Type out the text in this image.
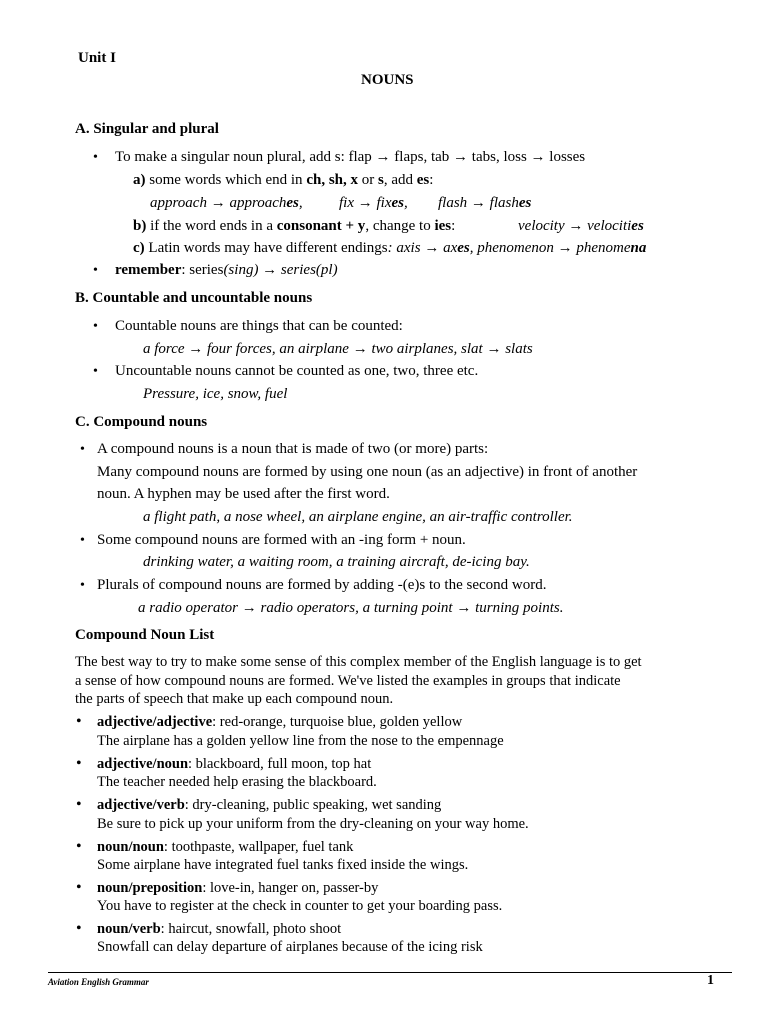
Unit I
NOUNS
A. Singular and plural
• To make a singular noun plural, add s: flap → flaps, tab → tabs, loss → losses
a) some words which end in ch, sh, x or s, add es:
approach → approaches, fix → fixes, flash → flashes
b) if the word ends in a consonant + y, change to ies:	velocity → velocities
c) Latin words may have different endings: axis → axes, phenomenon → phenomena
• remember: series(sing) → series(pl)
B. Countable and uncountable nouns
• Countable nouns are things that can be counted:
a force → four forces, an airplane → two airplanes, slat → slats
• Uncountable nouns cannot be counted as one, two, three etc.
Pressure, ice, snow, fuel
C. Compound nouns
• A compound nouns is a noun that is made of two (or more) parts:
Many compound nouns are formed by using one noun (as an adjective) in front of another
noun. A hyphen may be used after the first word.
a flight path, a nose wheel, an airplane engine, an air-traffic controller.
• Some compound nouns are formed with an -ing form + noun.
drinking water, a waiting room, a training aircraft, de-icing bay.
• Plurals of compound nouns are formed by adding -(e)s to the second word.
a radio operator → radio operators, a turning point → turning points.
Compound Noun List
The best way to try to make some sense of this complex member of the English language is to get
a sense of how compound nouns are formed. We've listed the examples in groups that indicate
the parts of speech that make up each compound noun.
• adjective/adjective: red-orange, turquoise blue, golden yellow
The airplane has a golden yellow line from the nose to the empennage
• adjective/noun: blackboard, full moon, top hat
The teacher needed help erasing the blackboard.
• adjective/verb: dry-cleaning, public speaking, wet sanding
Be sure to pick up your uniform from the dry-cleaning on your way home.
• noun/noun: toothpaste, wallpaper, fuel tank
Some airplane have integrated fuel tanks fixed inside the wings.
• noun/preposition: love-in, hanger on, passer-by
You have to register at the check in counter to get your boarding pass.
• noun/verb: haircut, snowfall, photo shoot
Snowfall can delay departure of airplanes because of the icing risk
Aviation English Grammar	1
